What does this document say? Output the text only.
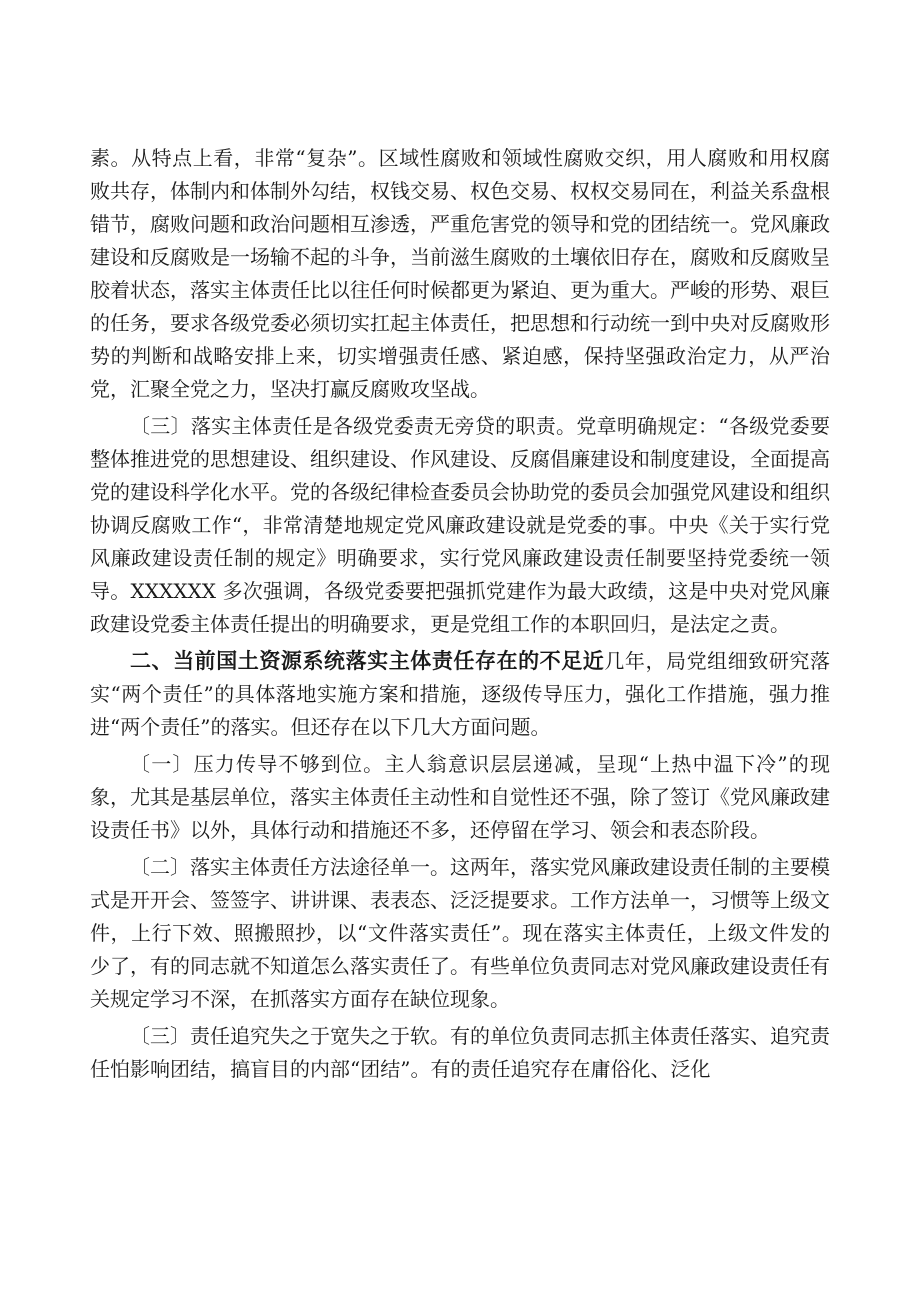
素。从特点上看，非常“复杂”。区域性腐败和领域性腐败交织，用人腐败和用权腐败共存，体制内和体制外勾结，权钱交易、权色交易、权权交易同在，利益关系盘根错节，腐败问题和政治问题相互渗透，严重危害党的领导和党的团结统一。党风廉政建设和反腐败是一场输不起的斗争，当前滋生腐败的土壤依旧存在，腐败和反腐败呈胶着状态，落实主体责任比以往任何时候都更为紧迫、更为重大。严峻的形势、艰巨的任务，要求各级党委必须切实扛起主体责任，把思想和行动统一到中央对反腐败形势的判断和战略安排上来，切实增强责任感、紧迫感，保持坚强政治定力，从严治党，汇聚全党之力，坚决打赢反腐败攻坚战。

〔三〕落实主体责任是各级党委责无旁贷的职责。党章明确规定：“各级党委要整体推进党的思想建设、组织建设、作风建设、反腐倡廉建设和制度建设，全面提高党的建设科学化水平。党的各级纪律检查委员会协助党的委员会加强党风建设和组织协调反腐败工作“，非常清楚地规定党风廉政建设就是党委的事。中央《关于实行党风廉政建设责任制的规定》明确要求，实行党风廉政建设责任制要坚持党委统一领导。XXXXXX 多次强调，各级党委要把强抓党建作为最大政绩，这是中央对党风廉政建设党委主体责任提出的明确要求，更是党组工作的本职回归，是法定之责。

二、当前国土资源系统落实主体责任存在的不足近几年，局党组细致研究落实“两个责任”的具体落地实施方案和措施，逐级传导压力，强化工作措施，强力推进“两个责任”的落实。但还存在以下几大方面问题。

〔一〕压力传导不够到位。主人翁意识层层递减，呈现“上热中温下冷”的现象，尤其是基层单位，落实主体责任主动性和自觉性还不强，除了签订《党风廉政建设责任书》以外，具体行动和措施还不多，还停留在学习、领会和表态阶段。

〔二〕落实主体责任方法途径单一。这两年，落实党风廉政建设责任制的主要模式是开开会、签签字、讲讲课、表表态、泛泛提要求。工作方法单一，习惯等上级文件，上行下效、照搬照抄，以“文件落实责任”。现在落实主体责任，上级文件发的少了，有的同志就不知道怎么落实责任了。有些单位负责同志对党风廉政建设责任有关规定学习不深，在抓落实方面存在缺位现象。

〔三〕责任追究失之于宽失之于软。有的单位负责同志抓主体责任落实、追究责任怕影响团结，搞盲目的内部“团结”。有的责任追究存在庸俗化、泛化
